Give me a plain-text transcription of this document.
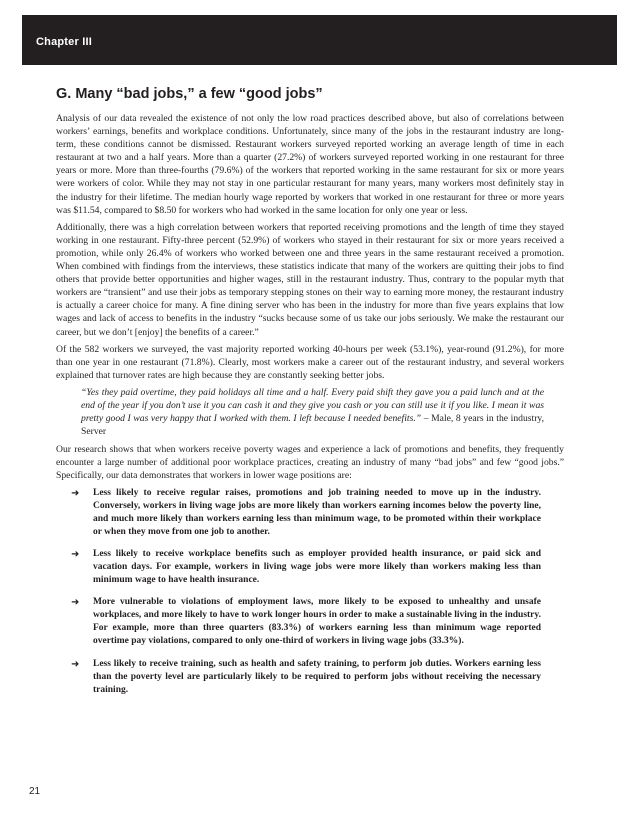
Chapter III
G. Many “bad jobs,” a few “good jobs”

Analysis of our data revealed the existence of not only the low road practices described above, but also of correlations between workers’ earnings, benefits and workplace conditions. Unfortunately, since many of the jobs in the restaurant industry are long-term, these conditions cannot be dismissed. Restaurant workers surveyed reported working an average length of time in each restaurant at two and a half years. More than a quarter (27.2%) of workers surveyed reported working in one restaurant for three years or more. More than three-fourths (79.6%) of the workers that reported working in the same restaurant for six or more years were workers of color. While they may not stay in one particular restaurant for many years, many workers most definitely stay in the industry for their lifetime. The median hourly wage reported by workers that worked in one restaurant for three or more years was $11.54, compared to $8.50 for workers who had worked in the same location for only one year or less.

Additionally, there was a high correlation between workers that reported receiving promotions and the length of time they stayed working in one restaurant. Fifty-three percent (52.9%) of workers who stayed in their restaurant for six or more years received a promotion, while only 26.4% of workers who worked between one and three years in the same restaurant received a promotion. When combined with findings from the interviews, these statistics indicate that many of the workers are quitting their jobs to find others that provide better opportunities and higher wages, still in the restaurant industry. Thus, contrary to the popular myth that workers are “transient” and use their jobs as temporary stepping stones on their way to earning more money, the restaurant industry is actually a career choice for many. A fine dining server who has been in the industry for more than five years explains that low wages and lack of access to benefits in the industry “sucks because some of us take our jobs seriously. We make the restaurant our career, but we don’t [enjoy] the benefits of a career.”

Of the 582 workers we surveyed, the vast majority reported working 40-hours per week (53.1%), year-round (91.2%), for more than one year in one restaurant (71.8%). Clearly, most workers make a career out of the restaurant industry, and several workers explained that turnover rates are high because they are constantly seeking better jobs.

“Yes they paid overtime, they paid holidays all time and a half. Every paid shift they gave you a paid lunch and at the end of the year if you don’t use it you can cash it and they give you cash or you can still use it if you like. I mean it was pretty good I was very happy that I worked with them. I left because I needed benefits.” – Male, 8 years in the industry, Server

Our research shows that when workers receive poverty wages and experience a lack of promotions and benefits, they frequently encounter a large number of additional poor workplace practices, creating an industry of many “bad jobs” and few “good jobs.” Specifically, our data demonstrates that workers in lower wage positions are:

➜ Less likely to receive regular raises, promotions and job training needed to move up in the industry. Conversely, workers in living wage jobs are more likely than workers earning incomes below the poverty line, and much more likely than workers earning less than minimum wage, to be promoted within their workplace or when they move from one job to another.
➜ Less likely to receive workplace benefits such as employer provided health insurance, or paid sick and vacation days. For example, workers in living wage jobs were more likely than workers making less than minimum wage to have health insurance.
➜ More vulnerable to violations of employment laws, more likely to be exposed to unhealthy and unsafe workplaces, and more likely to have to work longer hours in order to make a sustainable living in the industry. For example, more than three quarters (83.3%) of workers earning less than minimum wage reported overtime pay violations, compared to only one-third of workers in living wage jobs (33.3%).
➜ Less likely to receive training, such as health and safety training, to perform job duties. Workers earning less than the poverty level are particularly likely to be required to perform jobs without receiving the necessary training.
21
